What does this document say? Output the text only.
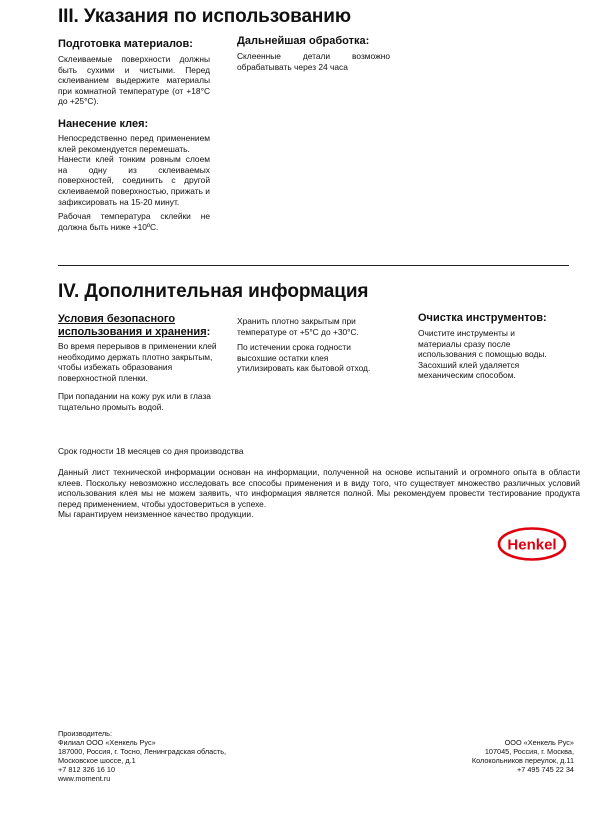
III. Указания по использованию

Подготовка материалов:

Склеиваемые поверхности должны быть сухими и чистыми. Перед склеиванием выдержите материалы при комнатной температуре (от +18°С до +25°С).

Дальнейшая обработка:

Склеенные детали возможно обрабатывать через 24 часа

Нанесение клея:

Непосредственно перед применением клей рекомендуется перемешать.

Нанести клей тонким ровным слоем на одну из склеиваемых поверхностей, соединить с другой склеиваемой поверхностью, прижать и зафиксировать на 15-20 минут.

Рабочая температура склейки не должна быть ниже +10ºС.

IV. Дополнительная информация

Условия безопасного использования и хранения:

Во время перерывов в применении клей необходимо держать плотно закрытым, чтобы избежать образования поверхностной пленки.

При попадании на кожу рук или в глаза тщательно промыть водой.

Хранить плотно закрытым при температуре от +5°С до +30°С.

По истечении срока годности высохшие остатки клея утилизировать как бытовой отход.

Очистка инструментов:

Очистите инструменты и материалы сразу после использования с помощью воды.

Засохший клей удаляется механическим способом.

Срок годности 18 месяцев со дня производства

Данный лист технической информации основан на информации, полученной на основе испытаний и огромного опыта в области клеев. Поскольку невозможно исследовать все способы применения и в виду того, что существует множество различных условий использования клея мы не можем заявить, что информация является полной. Мы рекомендуем провести тестирование продукта перед применением, чтобы удостовериться в успехе.

Мы гарантируем неизменное качество продукции.

Henkel

Производитель:

Филиал ООО «Хенкель Рус»

187000, Россия, г. Тосно, Ленинградская область,

Московское шоссе, д.1

+7 812 326 16 10

www.moment.ru

ООО «Хенкель Рус»

107045, Россия, г. Москва,

Колокольников переулок, д.11

+7 495 745 22 34
